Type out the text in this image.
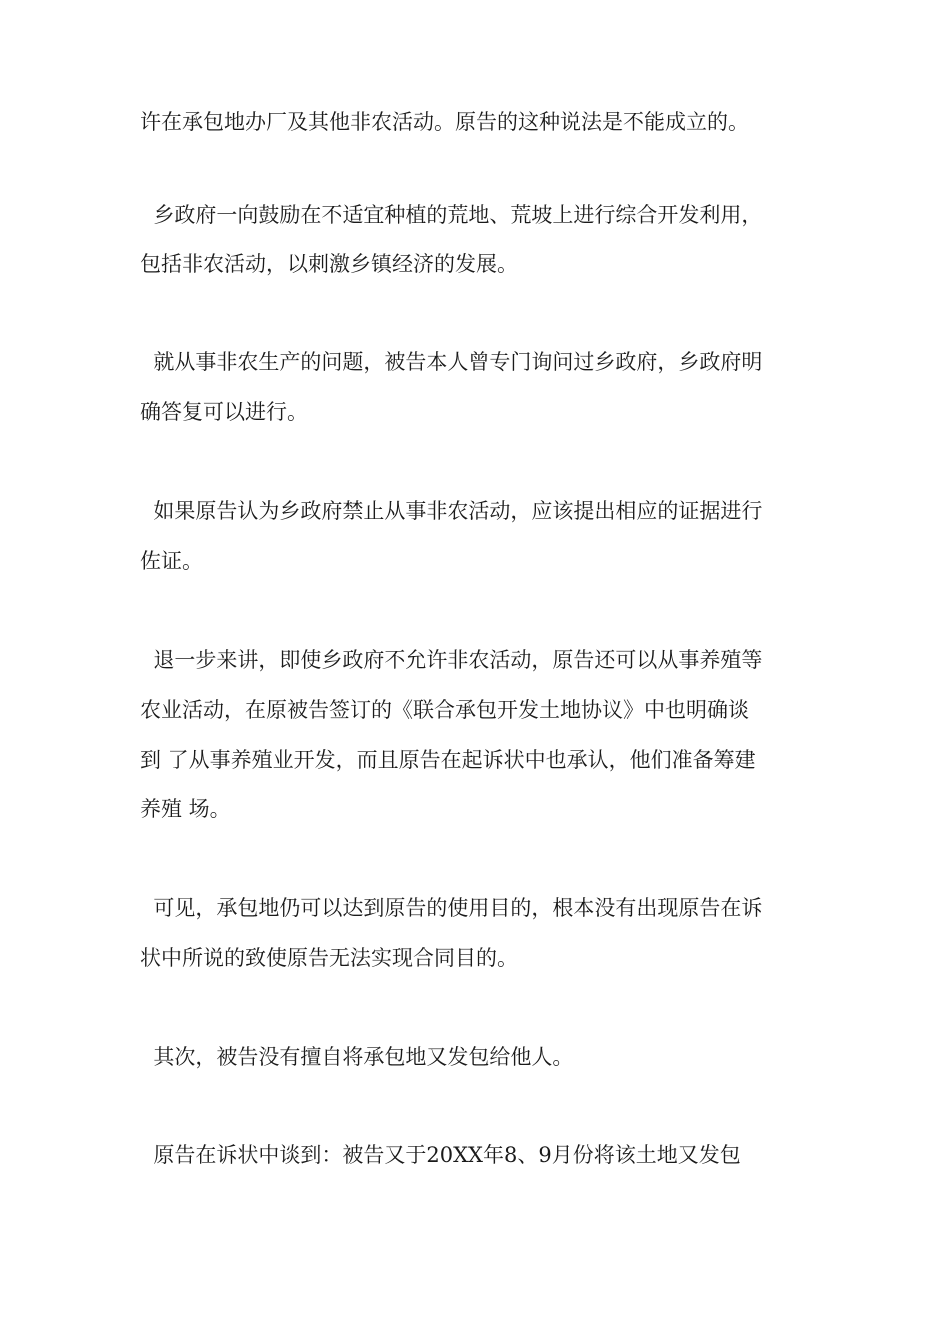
许在承包地办厂及其他非农活动。原告的这种说法是不能成立的。
乡政府一向鼓励在不适宜种植的荒地、荒坡上进行综合开发利用，
包括非农活动，以刺激乡镇经济的发展。
就从事非农生产的问题，被告本人曾专门询问过乡政府，乡政府明
确答复可以进行。
如果原告认为乡政府禁止从事非农活动，应该提出相应的证据进行
佐证。
退一步来讲，即使乡政府不允许非农活动，原告还可以从事养殖等
农业活动，在原被告签订的《联合承包开发土地协议》中也明确谈
到 了从事养殖业开发，而且原告在起诉状中也承认，他们准备筹建
养殖 场。
可见，承包地仍可以达到原告的使用目的，根本没有出现原告在诉
状中所说的致使原告无法实现合同目的。
其次，被告没有擅自将承包地又发包给他人。
原告在诉状中谈到：被告又于20XX年8、9月份将该土地又发包
